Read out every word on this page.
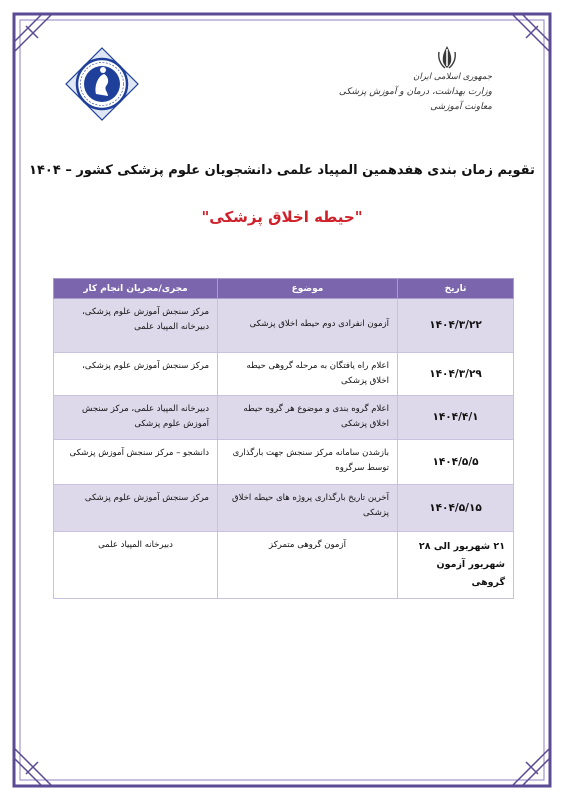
جمهوری اسلامی ایران
وزارت بهداشت، درمان و آموزش پزشکی
معاونت آموزشی
تقویم زمان بندی هفدهمین المپیاد علمی دانشجویان علوم پزشکی کشور – ۱۴۰۴
"حیطه اخلاق پزشکی"
تاریخ	موضوع	مجری/مجریان انجام کار
۱۴۰۴/۳/۲۲	آزمون انفرادی دوم حیطه اخلاق پزشکی	مرکز سنجش آموزش علوم پزشکی، دبیرخانه المپیاد علمی
۱۴۰۴/۳/۲۹	اعلام راه یافتگان به مرحله گروهی حیطه اخلاق پزشکی	مرکز سنجش آموزش علوم پزشکی،
۱۴۰۴/۴/۱	اعلام گروه بندی و موضوع هر گروه حیطه اخلاق پزشکی	دبیرخانه المپیاد علمی، مرکز سنجش آموزش علوم پزشکی
۱۴۰۴/۵/۵	بازشدن سامانه مرکز سنجش جهت بارگذاری توسط سرگروه	دانشجو – مرکز سنجش آموزش پزشکی
۱۴۰۴/۵/۱۵	آخرین تاریخ بارگذاری پروژه های حیطه اخلاق پزشکی	مرکز سنجش آموزش علوم پزشکی
۲۱ شهریور الی ۲۸ شهریور آزمون گروهی	آزمون گروهی متمرکز	دبیرخانه المپیاد علمی
